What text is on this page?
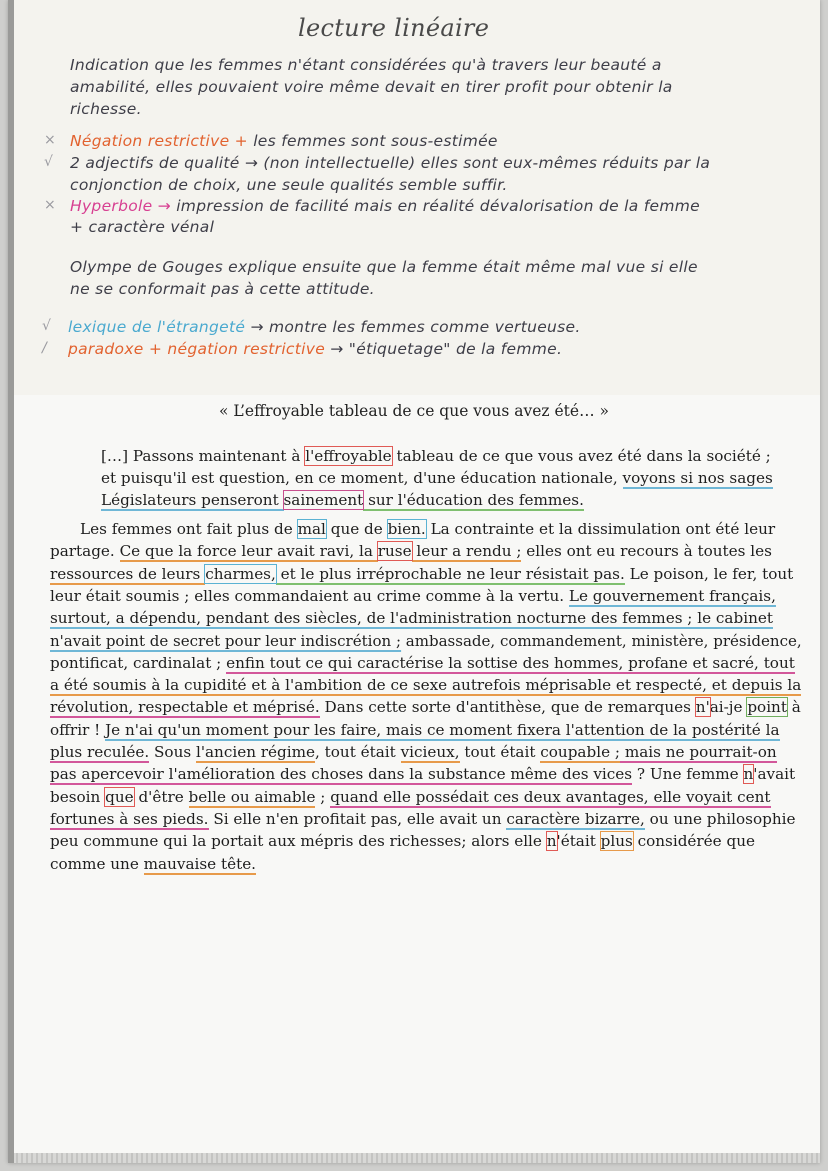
lecture linéaire
Indication que les femmes n'étant considérées qu'à travers leur beauté a
amabilité, elles pouvaient voire même devait en tirer profit pour obtenir la
richesse.
× Négation restrictive + les femmes sont sous-estimée
√ 2 adjectifs de qualité → (non intellectuelle) elles sont eux-mêmes réduits par la
conjonction de choix, une seule qualités semble suffir.
× Hyperbole → impression de facilité mais en réalité dévalorisation de la femme
+ caractère vénal
Olympe de Gouges explique ensuite que la femme était même mal vue si elle
ne se conformait pas à cette attitude.
√ lexique de l'étrangeté → montre les femmes comme vertueuse.
/ paradoxe + négation restrictive → "étiquetage" de la femme.
« L’effroyable tableau de ce que vous avez été… »
[…] Passons maintenant à l'effroyable tableau de ce que vous avez été dans la société ;
et puisqu'il est question, en ce moment, d'une éducation nationale, voyons si nos sages
Législateurs penseront sainement sur l'éducation des femmes.
Les femmes ont fait plus de mal que de bien. La contrainte et la dissimulation ont été leur
partage. Ce que la force leur avait ravi, la ruse leur a rendu ; elles ont eu recours à toutes les
ressources de leurs charmes, et le plus irréprochable ne leur résistait pas. Le poison, le fer, tout
leur était soumis ; elles commandaient au crime comme à la vertu. Le gouvernement français,
surtout, a dépendu, pendant des siècles, de l'administration nocturne des femmes ; le cabinet
n'avait point de secret pour leur indiscrétion ; ambassade, commandement, ministère, présidence,
pontificat, cardinalat ; enfin tout ce qui caractérise la sottise des hommes, profane et sacré, tout
a été soumis à la cupidité et à l'ambition de ce sexe autrefois méprisable et respecté, et depuis la
révolution, respectable et méprisé. Dans cette sorte d'antithèse, que de remarques n'ai-je point à
offrir ! Je n'ai qu'un moment pour les faire, mais ce moment fixera l'attention de la postérité la
plus reculée. Sous l'ancien régime, tout était vicieux, tout était coupable ; mais ne pourrait-on
pas apercevoir l'amélioration des choses dans la substance même des vices ? Une femme n'avait
besoin que d'être belle ou aimable ; quand elle possédait ces deux avantages, elle voyait cent
fortunes à ses pieds. Si elle n'en profitait pas, elle avait un caractère bizarre, ou une philosophie
peu commune qui la portait aux mépris des richesses; alors elle n'était plus considérée que
comme une mauvaise tête.
